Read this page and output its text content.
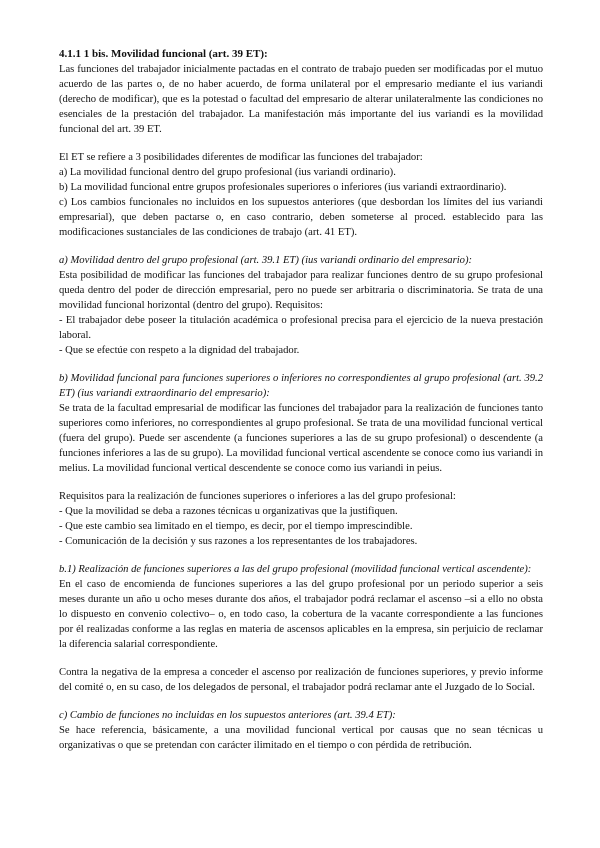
4.1.1 1 bis. Movilidad funcional (art. 39 ET):

Las funciones del trabajador inicialmente pactadas en el contrato de trabajo pueden ser modificadas por el mutuo acuerdo de las partes o, de no haber acuerdo, de forma unilateral por el empresario mediante el ius variandi (derecho de modificar), que es la potestad o facultad del empresario de alterar unilateralmente las condiciones no esenciales de la prestación del trabajador. La manifestación más importante del ius variandi es la movilidad funcional del art. 39 ET.

El ET se refiere a 3 posibilidades diferentes de modificar las funciones del trabajador:

a) La movilidad funcional dentro del grupo profesional (ius variandi ordinario).

b) La movilidad funcional entre grupos profesionales superiores o inferiores (ius variandi extraordinario).

c) Los cambios funcionales no incluidos en los supuestos anteriores (que desbordan los límites del ius variandi empresarial), que deben pactarse o, en caso contrario, deben someterse al proced. establecido para las modificaciones sustanciales de las condiciones de trabajo (art. 41 ET).

a) Movilidad dentro del grupo profesional (art. 39.1 ET) (ius variandi ordinario del empresario):

Esta posibilidad de modificar las funciones del trabajador para realizar funciones dentro de su grupo profesional queda dentro del poder de dirección empresarial, pero no puede ser arbitraria o discriminatoria. Se trata de una movilidad funcional horizontal (dentro del grupo). Requisitos:

- El trabajador debe poseer la titulación académica o profesional precisa para el ejercicio de la nueva prestación laboral.

- Que se efectúe con respeto a la dignidad del trabajador.

b) Movilidad funcional para funciones superiores o inferiores no correspondientes al grupo profesional (art. 39.2 ET) (ius variandi extraordinario del empresario):

Se trata de la facultad empresarial de modificar las funciones del trabajador para la realización de funciones tanto superiores como inferiores, no correspondientes al grupo profesional. Se trata de una movilidad funcional vertical (fuera del grupo). Puede ser ascendente (a funciones superiores a las de su grupo profesional) o descendente (a funciones inferiores a las de su grupo). La movilidad funcional vertical ascendente se conoce como ius variandi in melius. La movilidad funcional vertical descendente se conoce como ius variandi in peius.

Requisitos para la realización de funciones superiores o inferiores a las del grupo profesional:

- Que la movilidad se deba a razones técnicas u organizativas que la justifiquen.

- Que este cambio sea limitado en el tiempo, es decir, por el tiempo imprescindible.

- Comunicación de la decisión y sus razones a los representantes de los trabajadores.

b.1) Realización de funciones superiores a las del grupo profesional (movilidad funcional vertical ascendente):

En el caso de encomienda de funciones superiores a las del grupo profesional por un periodo superior a seis meses durante un año u ocho meses durante dos años, el trabajador podrá reclamar el ascenso –si a ello no obsta lo dispuesto en convenio colectivo– o, en todo caso, la cobertura de la vacante correspondiente a las funciones por él realizadas conforme a las reglas en materia de ascensos aplicables en la empresa, sin perjuicio de reclamar la diferencia salarial correspondiente.

Contra la negativa de la empresa a conceder el ascenso por realización de funciones superiores, y previo informe del comité o, en su caso, de los delegados de personal, el trabajador podrá reclamar ante el Juzgado de lo Social.

c) Cambio de funciones no incluidas en los supuestos anteriores (art. 39.4 ET):

Se hace referencia, básicamente, a una movilidad funcional vertical por causas que no sean técnicas u organizativas o que se pretendan con carácter ilimitado en el tiempo o con pérdida de retribución.
